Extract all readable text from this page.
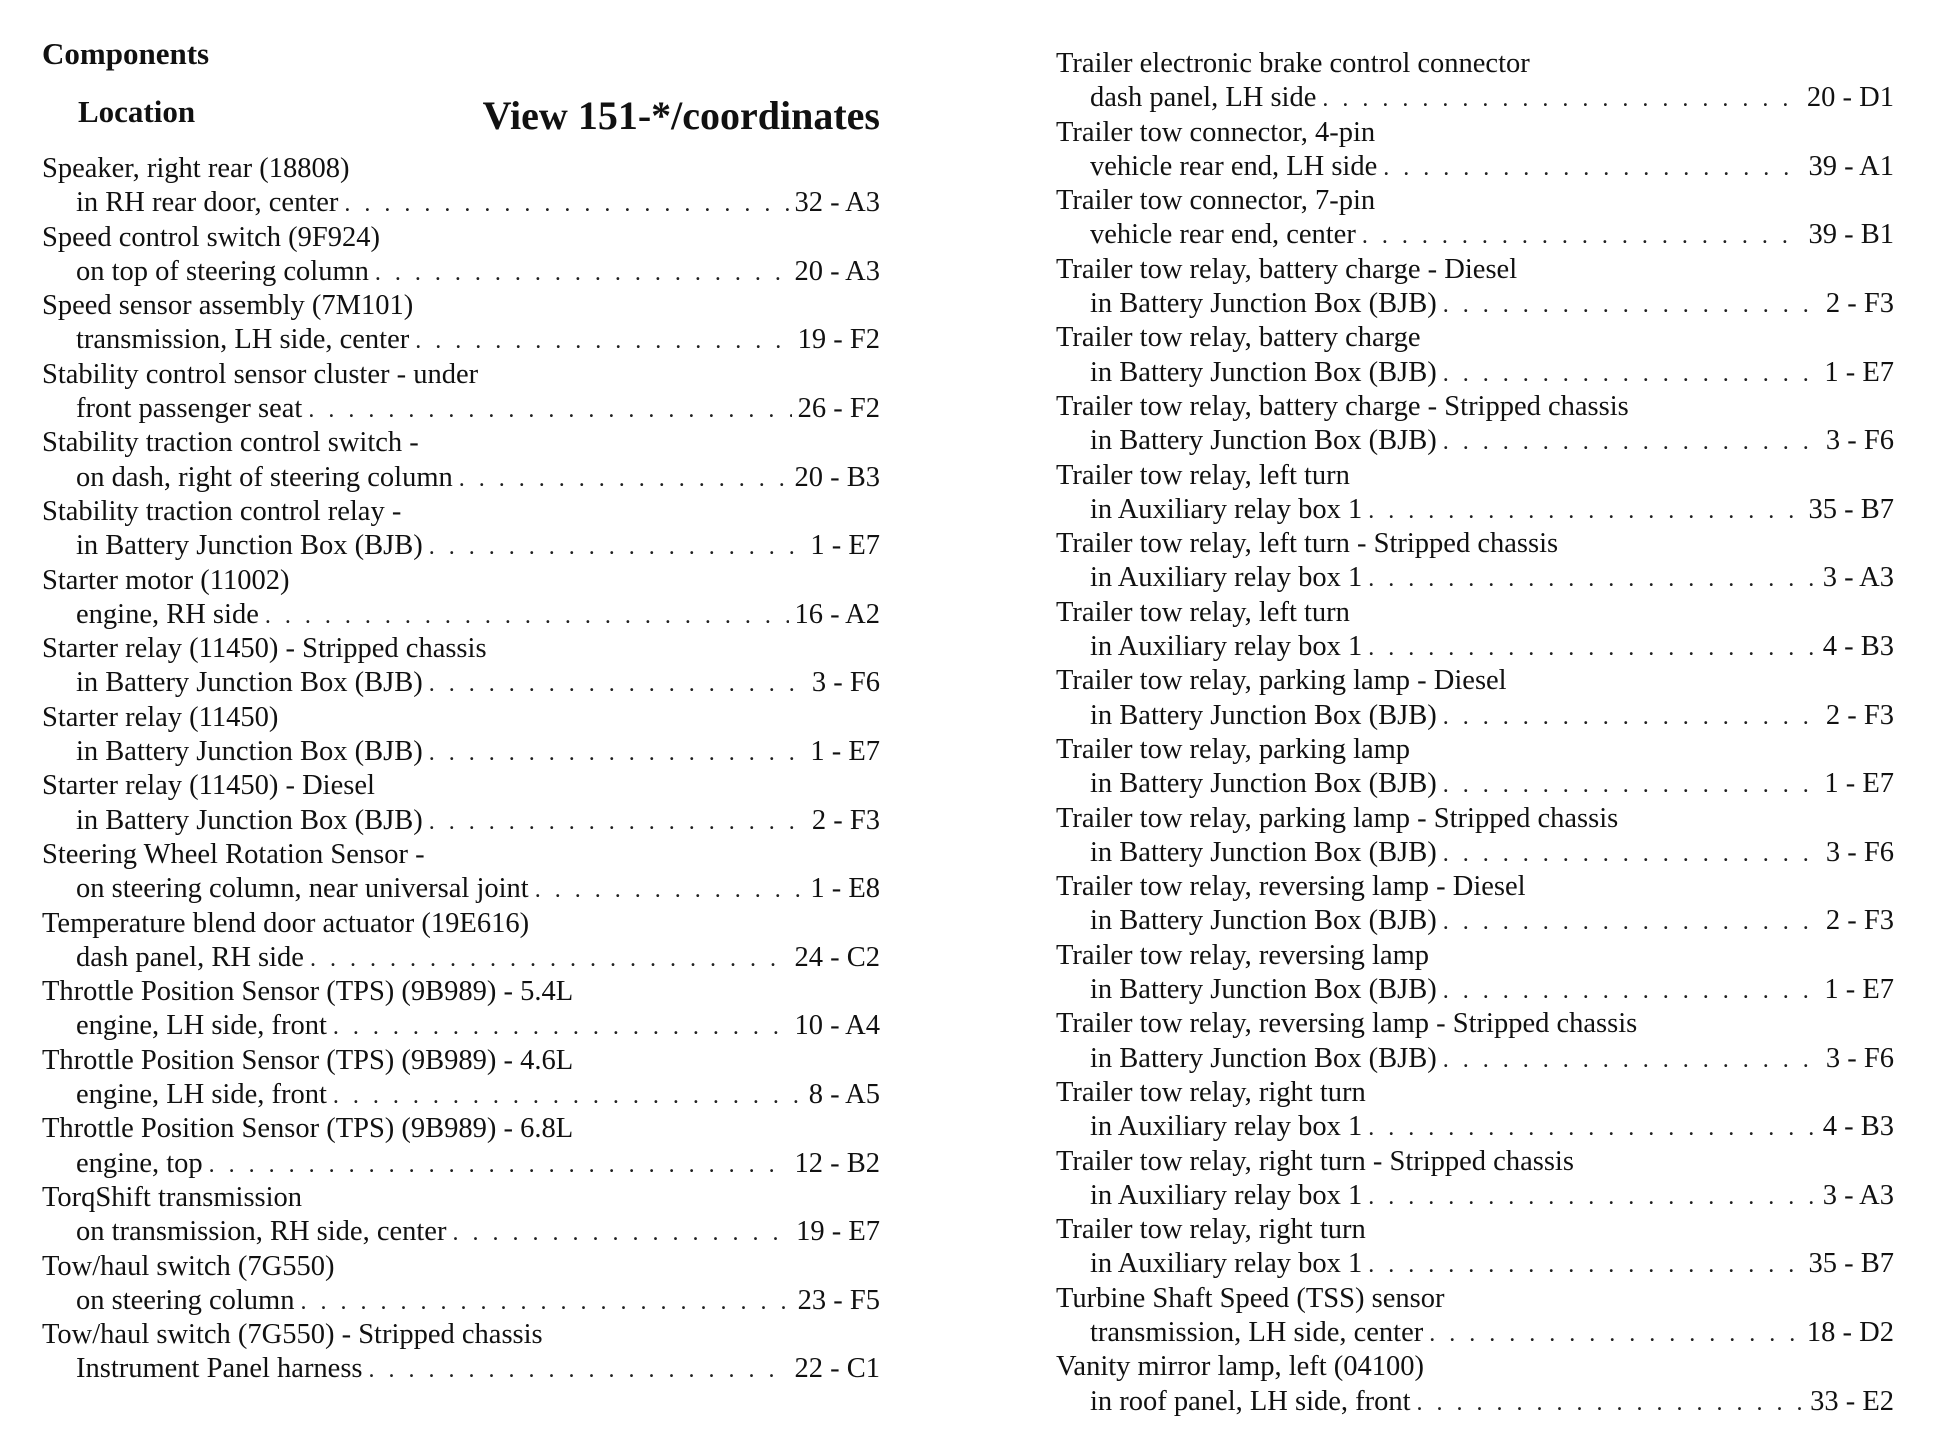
Components
Location	View 151-*/coordinates
Speaker, right rear (18808)
in RH rear door, center . . .	32 - A3
Speed control switch (9F924)
on top of steering column . . .	20 - A3
Speed sensor assembly (7M101)
transmission, LH side, center . . .	19 - F2
Stability control sensor cluster - under
front passenger seat . . .	26 - F2
Stability traction control switch -
on dash, right of steering column . . .	20 - B3
Stability traction control relay -
in Battery Junction Box (BJB) . . .	1 - E7
Starter motor (11002)
engine, RH side . . .	16 - A2
Starter relay (11450) - Stripped chassis
in Battery Junction Box (BJB) . . .	3 - F6
Starter relay (11450)
in Battery Junction Box (BJB) . . .	1 - E7
Starter relay (11450) - Diesel
in Battery Junction Box (BJB) . . .	2 - F3
Steering Wheel Rotation Sensor -
on steering column, near universal joint . . .	1 - E8
Temperature blend door actuator (19E616)
dash panel, RH side . . .	24 - C2
Throttle Position Sensor (TPS) (9B989) - 5.4L
engine, LH side, front . . .	10 - A4
Throttle Position Sensor (TPS) (9B989) - 4.6L
engine, LH side, front . . .	8 - A5
Throttle Position Sensor (TPS) (9B989) - 6.8L
engine, top . . .	12 - B2
TorqShift transmission
on transmission, RH side, center . . .	19 - E7
Tow/haul switch (7G550)
on steering column . . .	23 - F5
Tow/haul switch (7G550) - Stripped chassis
Instrument Panel harness . . .	22 - C1
Trailer electronic brake control connector
dash panel, LH side . . .	20 - D1
Trailer tow connector, 4-pin
vehicle rear end, LH side . . .	39 - A1
Trailer tow connector, 7-pin
vehicle rear end, center . . .	39 - B1
Trailer tow relay, battery charge - Diesel
in Battery Junction Box (BJB) . . .	2 - F3
Trailer tow relay, battery charge
in Battery Junction Box (BJB) . . .	1 - E7
Trailer tow relay, battery charge - Stripped chassis
in Battery Junction Box (BJB) . . .	3 - F6
Trailer tow relay, left turn
in Auxiliary relay box 1 . . .	35 - B7
Trailer tow relay, left turn - Stripped chassis
in Auxiliary relay box 1 . . .	3 - A3
Trailer tow relay, left turn
in Auxiliary relay box 1 . . .	4 - B3
Trailer tow relay, parking lamp - Diesel
in Battery Junction Box (BJB) . . .	2 - F3
Trailer tow relay, parking lamp
in Battery Junction Box (BJB) . . .	1 - E7
Trailer tow relay, parking lamp - Stripped chassis
in Battery Junction Box (BJB) . . .	3 - F6
Trailer tow relay, reversing lamp - Diesel
in Battery Junction Box (BJB) . . .	2 - F3
Trailer tow relay, reversing lamp
in Battery Junction Box (BJB) . . .	1 - E7
Trailer tow relay, reversing lamp - Stripped chassis
in Battery Junction Box (BJB) . . .	3 - F6
Trailer tow relay, right turn
in Auxiliary relay box 1 . . .	4 - B3
Trailer tow relay, right turn - Stripped chassis
in Auxiliary relay box 1 . . .	3 - A3
Trailer tow relay, right turn
in Auxiliary relay box 1 . . .	35 - B7
Turbine Shaft Speed (TSS) sensor
transmission, LH side, center . . .	18 - D2
Vanity mirror lamp, left (04100)
in roof panel, LH side, front . . .	33 - E2
